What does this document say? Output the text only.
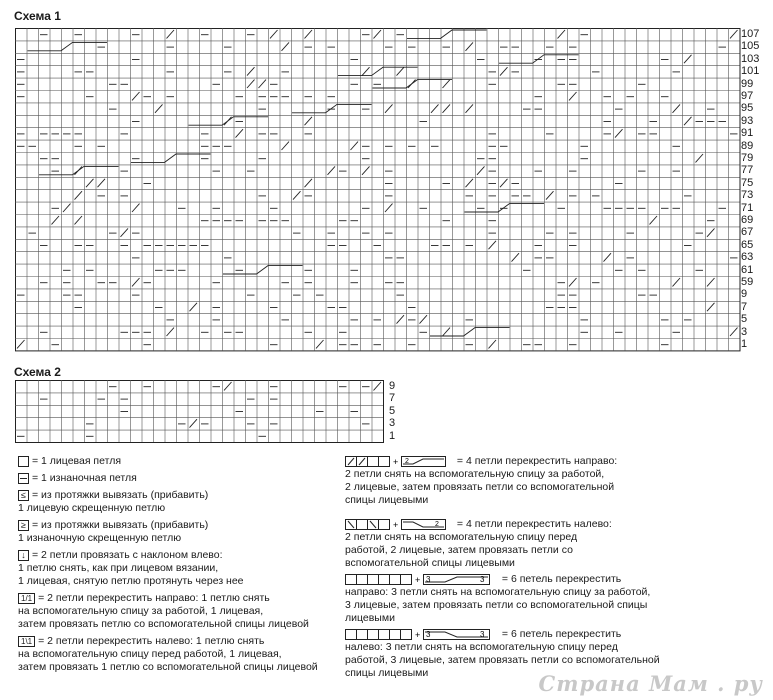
Схема 1
Схема 2
107
105
103
101
99
97
95
93
91
89
79
77
75
73
71
69
67
65
63
61
59
9
7
5
3
1
9
7
5
3
1
= 1 лицевая петля
= 1 изнаночная петля
≤ = из протяжки вывязать (прибавить)
1 лицевую скрещенную петлю
≥ = из протяжки вывязать (прибавить)
1 изнаночную скрещенную петлю
↓ = 2 петли провязать с наклоном влево:
1 петлю снять, как при лицевом вязании,
1 лицевая, снятую петлю протянуть через нее
1/1 = 2 петли перекрестить направо: 1 петлю снять
на вспомогательную спицу за работой, 1 лицевая,
затем провязать петлю со вспомогательной спицы лицевой
1\1 = 2 петли перекрестить налево: 1 петлю снять
на вспомогательную спицу перед работой, 1 лицевая,
затем провязать 1 петлю со вспомогательной спицы лицевой
+ 2	= 4 петли перекрестить направо:
2 петли снять на вспомогательную спицу за работой,
2 лицевые, затем провязать петли со вспомогательной
спицы лицевыми
+	2 = 4 петли перекрестить налево:
2 петли снять на вспомогательную спицу перед
работой, 2 лицевые, затем провязать петли со
вспомогательной спицы лицевыми
+ 3	3 = 6 петель перекрестить
направо: 3 петли снять на вспомогательную спицу за работой,
3 лицевые, затем провязать петли со вспомогательной спицы
лицевыми
+ 3	3 = 6 петель перекрестить
налево: 3 петли снять на вспомогательную спицу перед
работой, 3 лицевые, затем провязать петли со вспомогательной
спицы лицевыми	Страна Мам . ру
